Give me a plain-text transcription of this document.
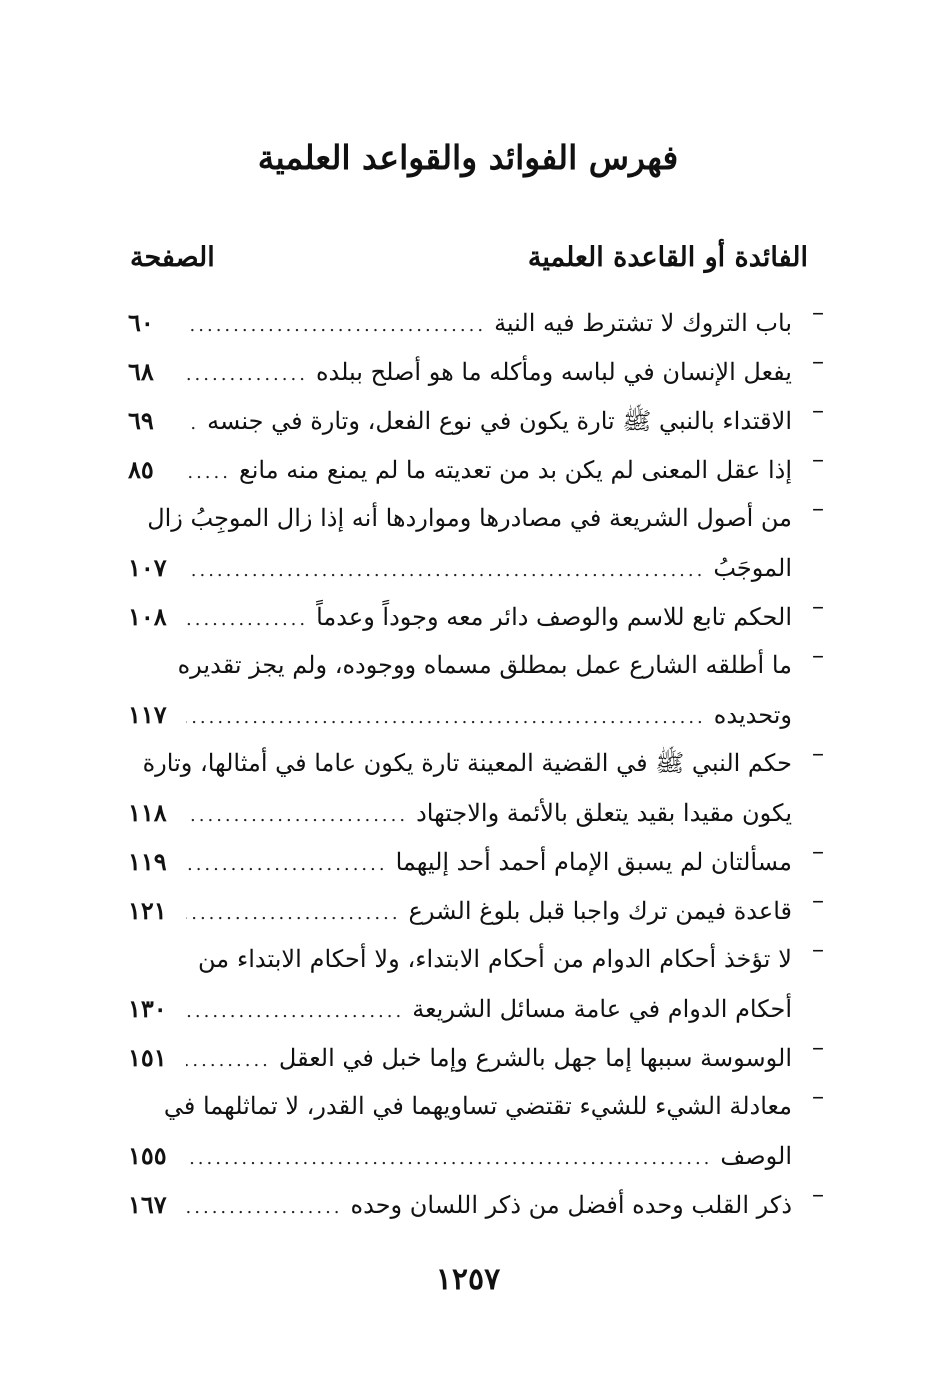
فهرس الفوائد والقواعد العلمية
الفائدة أو القاعدة العلمية
الصفحة
–
باب التروك لا تشترط فيه النية
.....
٦٠
–
يفعل الإنسان في لباسه ومأكله ما هو أصلح ببلده
.....
٦٨
–
الاقتداء بالنبي ﷺ تارة يكون في نوع الفعل، وتارة في جنسه
.....
٦٩
–
إذا عقل المعنى لم يكن بد من تعديته ما لم يمنع منه مانع
.....
٨٥
–
من أصول الشريعة في مصادرها ومواردها أنه إذا زال الموجِبُ زال
الموجَبُ
.....
١٠٧
–
الحكم تابع للاسم والوصف دائر معه وجوداً وعدماً
.....
١٠٨
–
ما أطلقه الشارع عمل بمطلق مسماه ووجوده، ولم يجز تقديره
وتحديده
.....
١١٧
–
حكم النبي ﷺ في القضية المعينة تارة يكون عاما في أمثالها، وتارة
يكون مقيدا بقيد يتعلق بالأئمة والاجتهاد
.....
١١٨
–
مسألتان لم يسبق الإمام أحمد أحد إليهما
.....
١١٩
–
قاعدة فيمن ترك واجبا قبل بلوغ الشرع
.....
١٢١
–
لا تؤخذ أحكام الدوام من أحكام الابتداء، ولا أحكام الابتداء من
أحكام الدوام في عامة مسائل الشريعة
.....
١٣٠
–
الوسوسة سببها إما جهل بالشرع وإما خبل في العقل
.....
١٥١
–
معادلة الشيء للشيء تقتضي تساويهما في القدر، لا تماثلهما في
الوصف
.....
١٥٥
–
ذكر القلب وحده أفضل من ذكر اللسان وحده
.....
١٦٧
١٢٥٧
